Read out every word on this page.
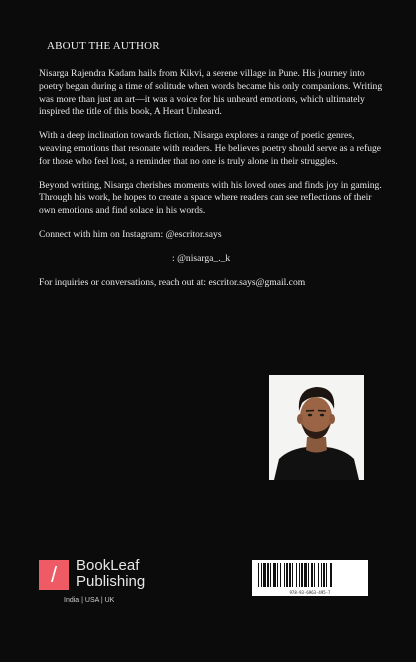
ABOUT THE AUTHOR

Nisarga Rajendra Kadam hails from Kikvi, a serene village in Pune. His journey into poetry began during a time of solitude when words became his only companions. Writing was more than just an art—it was a voice for his unheard emotions, which ultimately inspired the title of this book, A Heart Unheard.

With a deep inclination towards fiction, Nisarga explores a range of poetic genres, weaving emotions that resonate with readers. He believes poetry should serve as a refuge for those who feel lost, a reminder that no one is truly alone in their struggles.

Beyond writing, Nisarga cherishes moments with his loved ones and finds joy in gaming. Through his work, he hopes to create a space where readers can see reflections of their own emotions and find solace in his words.

Connect with him on Instagram: @escritor.says

: @nisarga_._k

For inquiries or conversations, reach out at: escritor.says@gmail.com

/ BookLeaf
Publishing
India | USA | UK
978-93-6963-495-7
